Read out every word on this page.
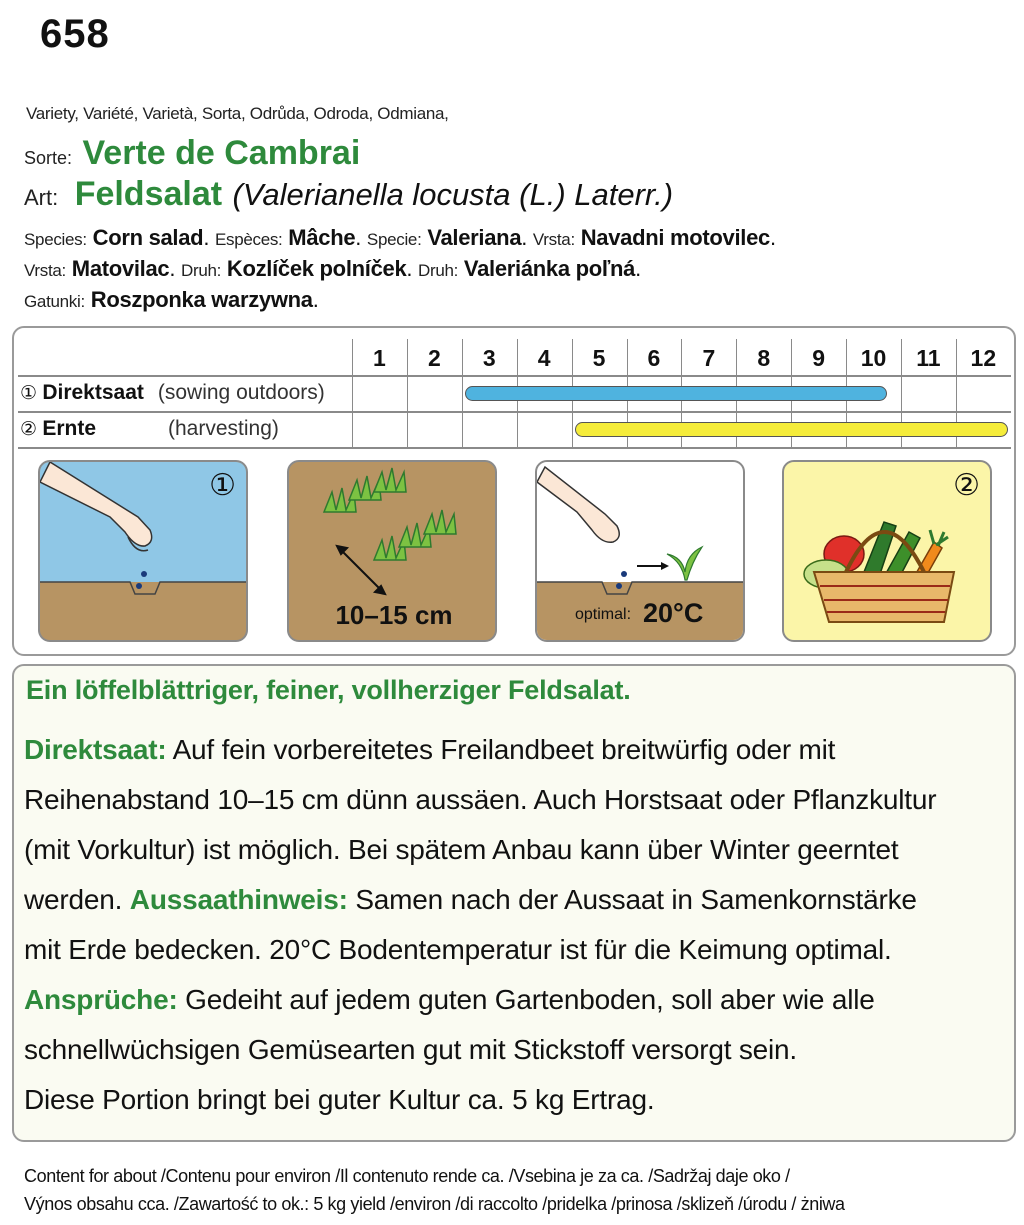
658
Variety, Variété, Varietà, Sorta, Odrůda, Odroda, Odmiana,
Sorte: Verte de Cambrai
Art: Feldsalat (Valerianella locusta (L.) Laterr.)
Species: Corn salad. Espèces: Mâche. Specie: Valeriana. Vrsta: Navadni motovilec.
Vrsta: Matovilac. Druh: Kozlíček polníček. Druh: Valeriánka poľná.
Gatunki: Roszponka warzywna.
1	2	3	4	5	6	7	8	9	10	11	12
① Direktsaat (sowing outdoors)
② Ernte	(harvesting)
①
10–15 cm	optimal: 20°C
②
Ein löffelblättriger, feiner, vollherziger Feldsalat.
Direktsaat: Auf fein vorbereitetes Freilandbeet breitwürfig oder mit
Reihenabstand 10–15 cm dünn aussäen. Auch Horstsaat oder Pflanzkultur
(mit Vorkultur) ist möglich. Bei spätem Anbau kann über Winter geerntet
werden. Aussaathinweis: Samen nach der Aussaat in Samenkornstärke
mit Erde bedecken. 20°C Bodentemperatur ist für die Keimung optimal.
Ansprüche: Gedeiht auf jedem guten Gartenboden, soll aber wie alle
schnellwüchsigen Gemüsearten gut mit Stickstoff versorgt sein.
Diese Portion bringt bei guter Kultur ca. 5 kg Ertrag.
Content for about /Contenu pour environ /Il contenuto rende ca. /Vsebina je za ca. /Sadržaj daje oko /
Výnos obsahu cca. /Zawartość to ok.: 5 kg yield /environ /di raccolto /pridelka /prinosa /sklizeň /úrodu / żniwa
